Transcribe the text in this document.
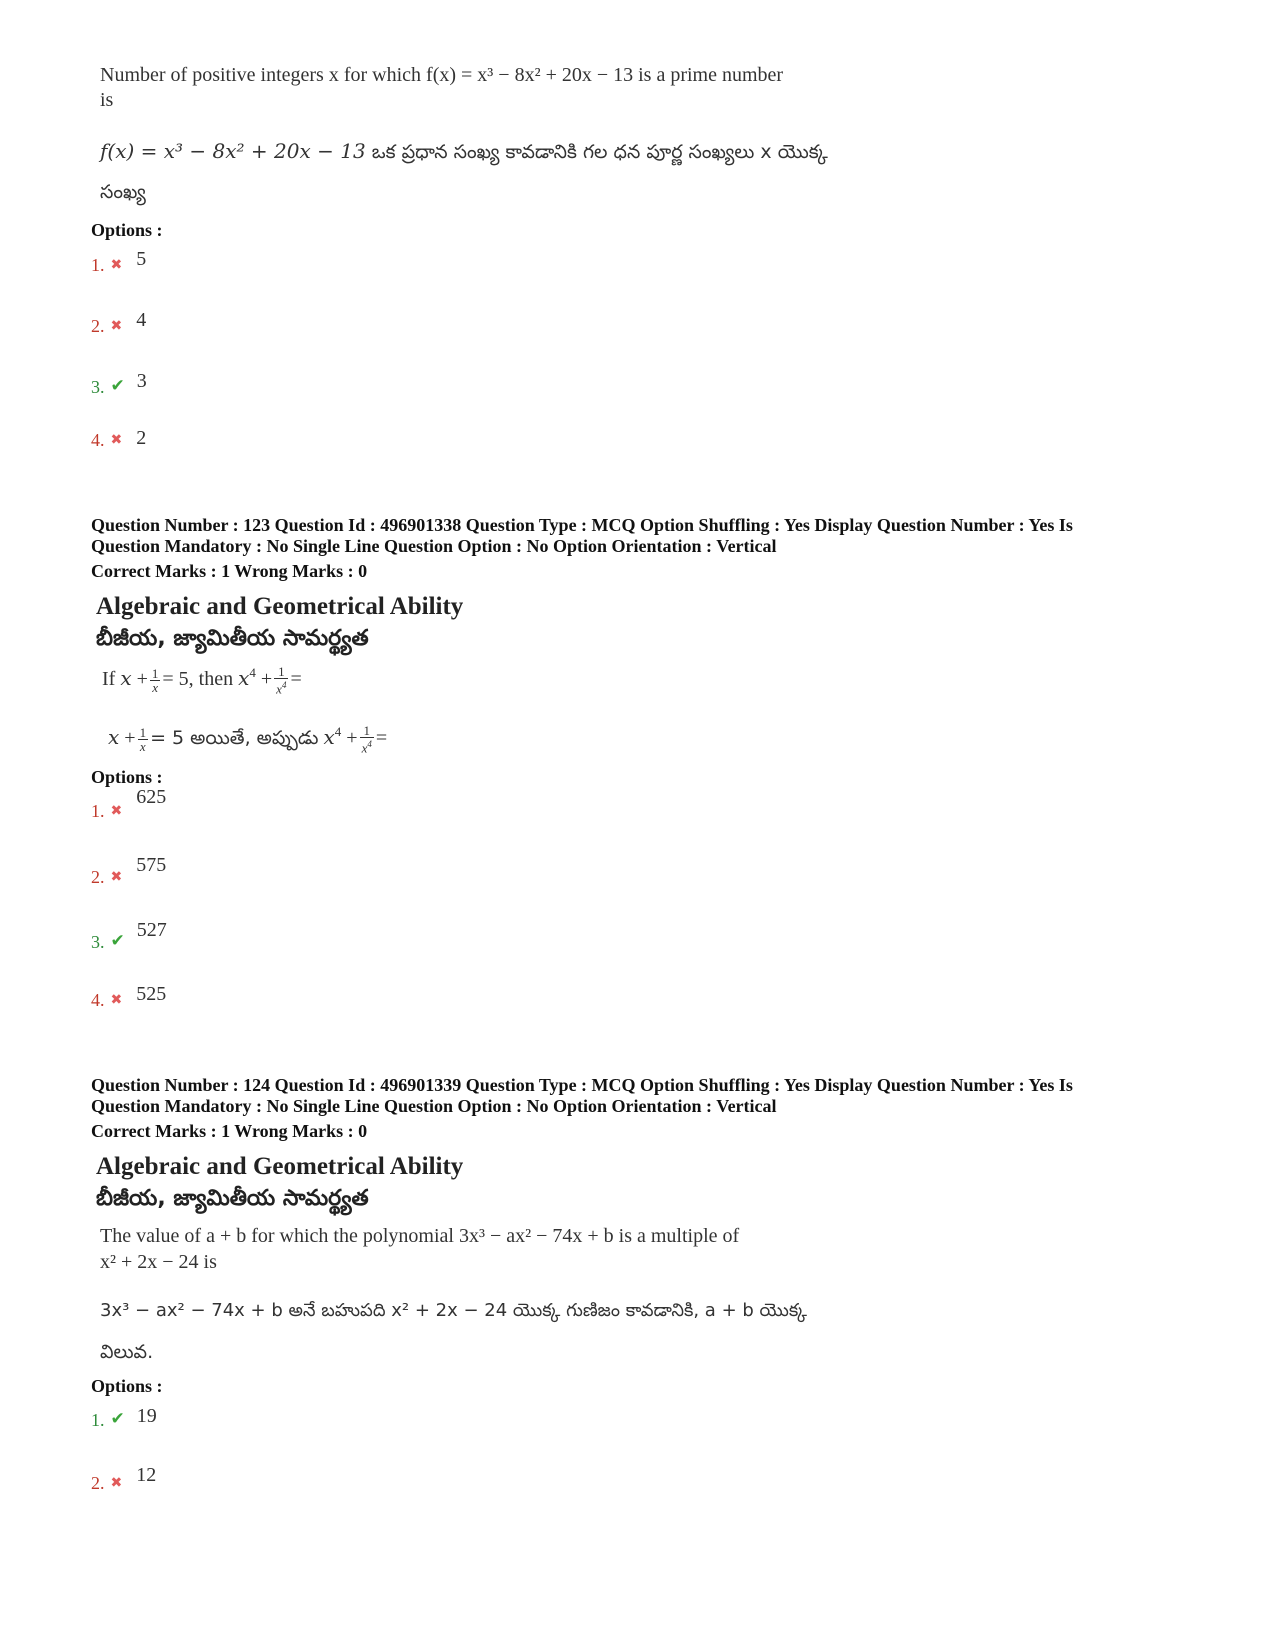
Number of positive integers x for which f(x) = x³ − 8x² + 20x − 13 is a prime number
is
f(x) = x³ − 8x² + 20x − 13 ఒక ప్రధాన సంఖ్య కావడానికి గల ధన పూర్ణ సంఖ్యలు x యొక్క
సంఖ్య
Options :
1. ✖ 5
2. ✖ 4
3. ✔ 3
4. ✖ 2
Question Number : 123 Question Id : 496901338 Question Type : MCQ Option Shuffling : Yes Display Question Number : Yes Is
Question Mandatory : No Single Line Question Option : No Option Orientation : Vertical
Correct Marks : 1 Wrong Marks : 0
Algebraic and Geometrical Ability
బీజీయ, జ్యామితీయ సామర్థ్యత
If $x + \frac{1}{x} = 5$, then $x^4 + \frac{1}{x^4}$ =
$x + \frac{1}{x} = 5$ అయితే, అప్పుడు $x^4 + \frac{1}{x^4}$ =
Options :
1. ✖ 625
2. ✖ 575
3. ✔ 527
4. ✖ 525
Question Number : 124 Question Id : 496901339 Question Type : MCQ Option Shuffling : Yes Display Question Number : Yes Is
Question Mandatory : No Single Line Question Option : No Option Orientation : Vertical
Correct Marks : 1 Wrong Marks : 0
Algebraic and Geometrical Ability
బీజీయ, జ్యామితీయ సామర్థ్యత
The value of a + b for which the polynomial 3x³ − ax² − 74x + b is a multiple of
x² + 2x − 24 is
3x³ − ax² − 74x + b అనే బహుపది x² + 2x − 24 యొక్క గుణిజం కావడానికి, a + b యొక్క
విలువ.
Options :
1. ✔ 19
2. ✖ 12
